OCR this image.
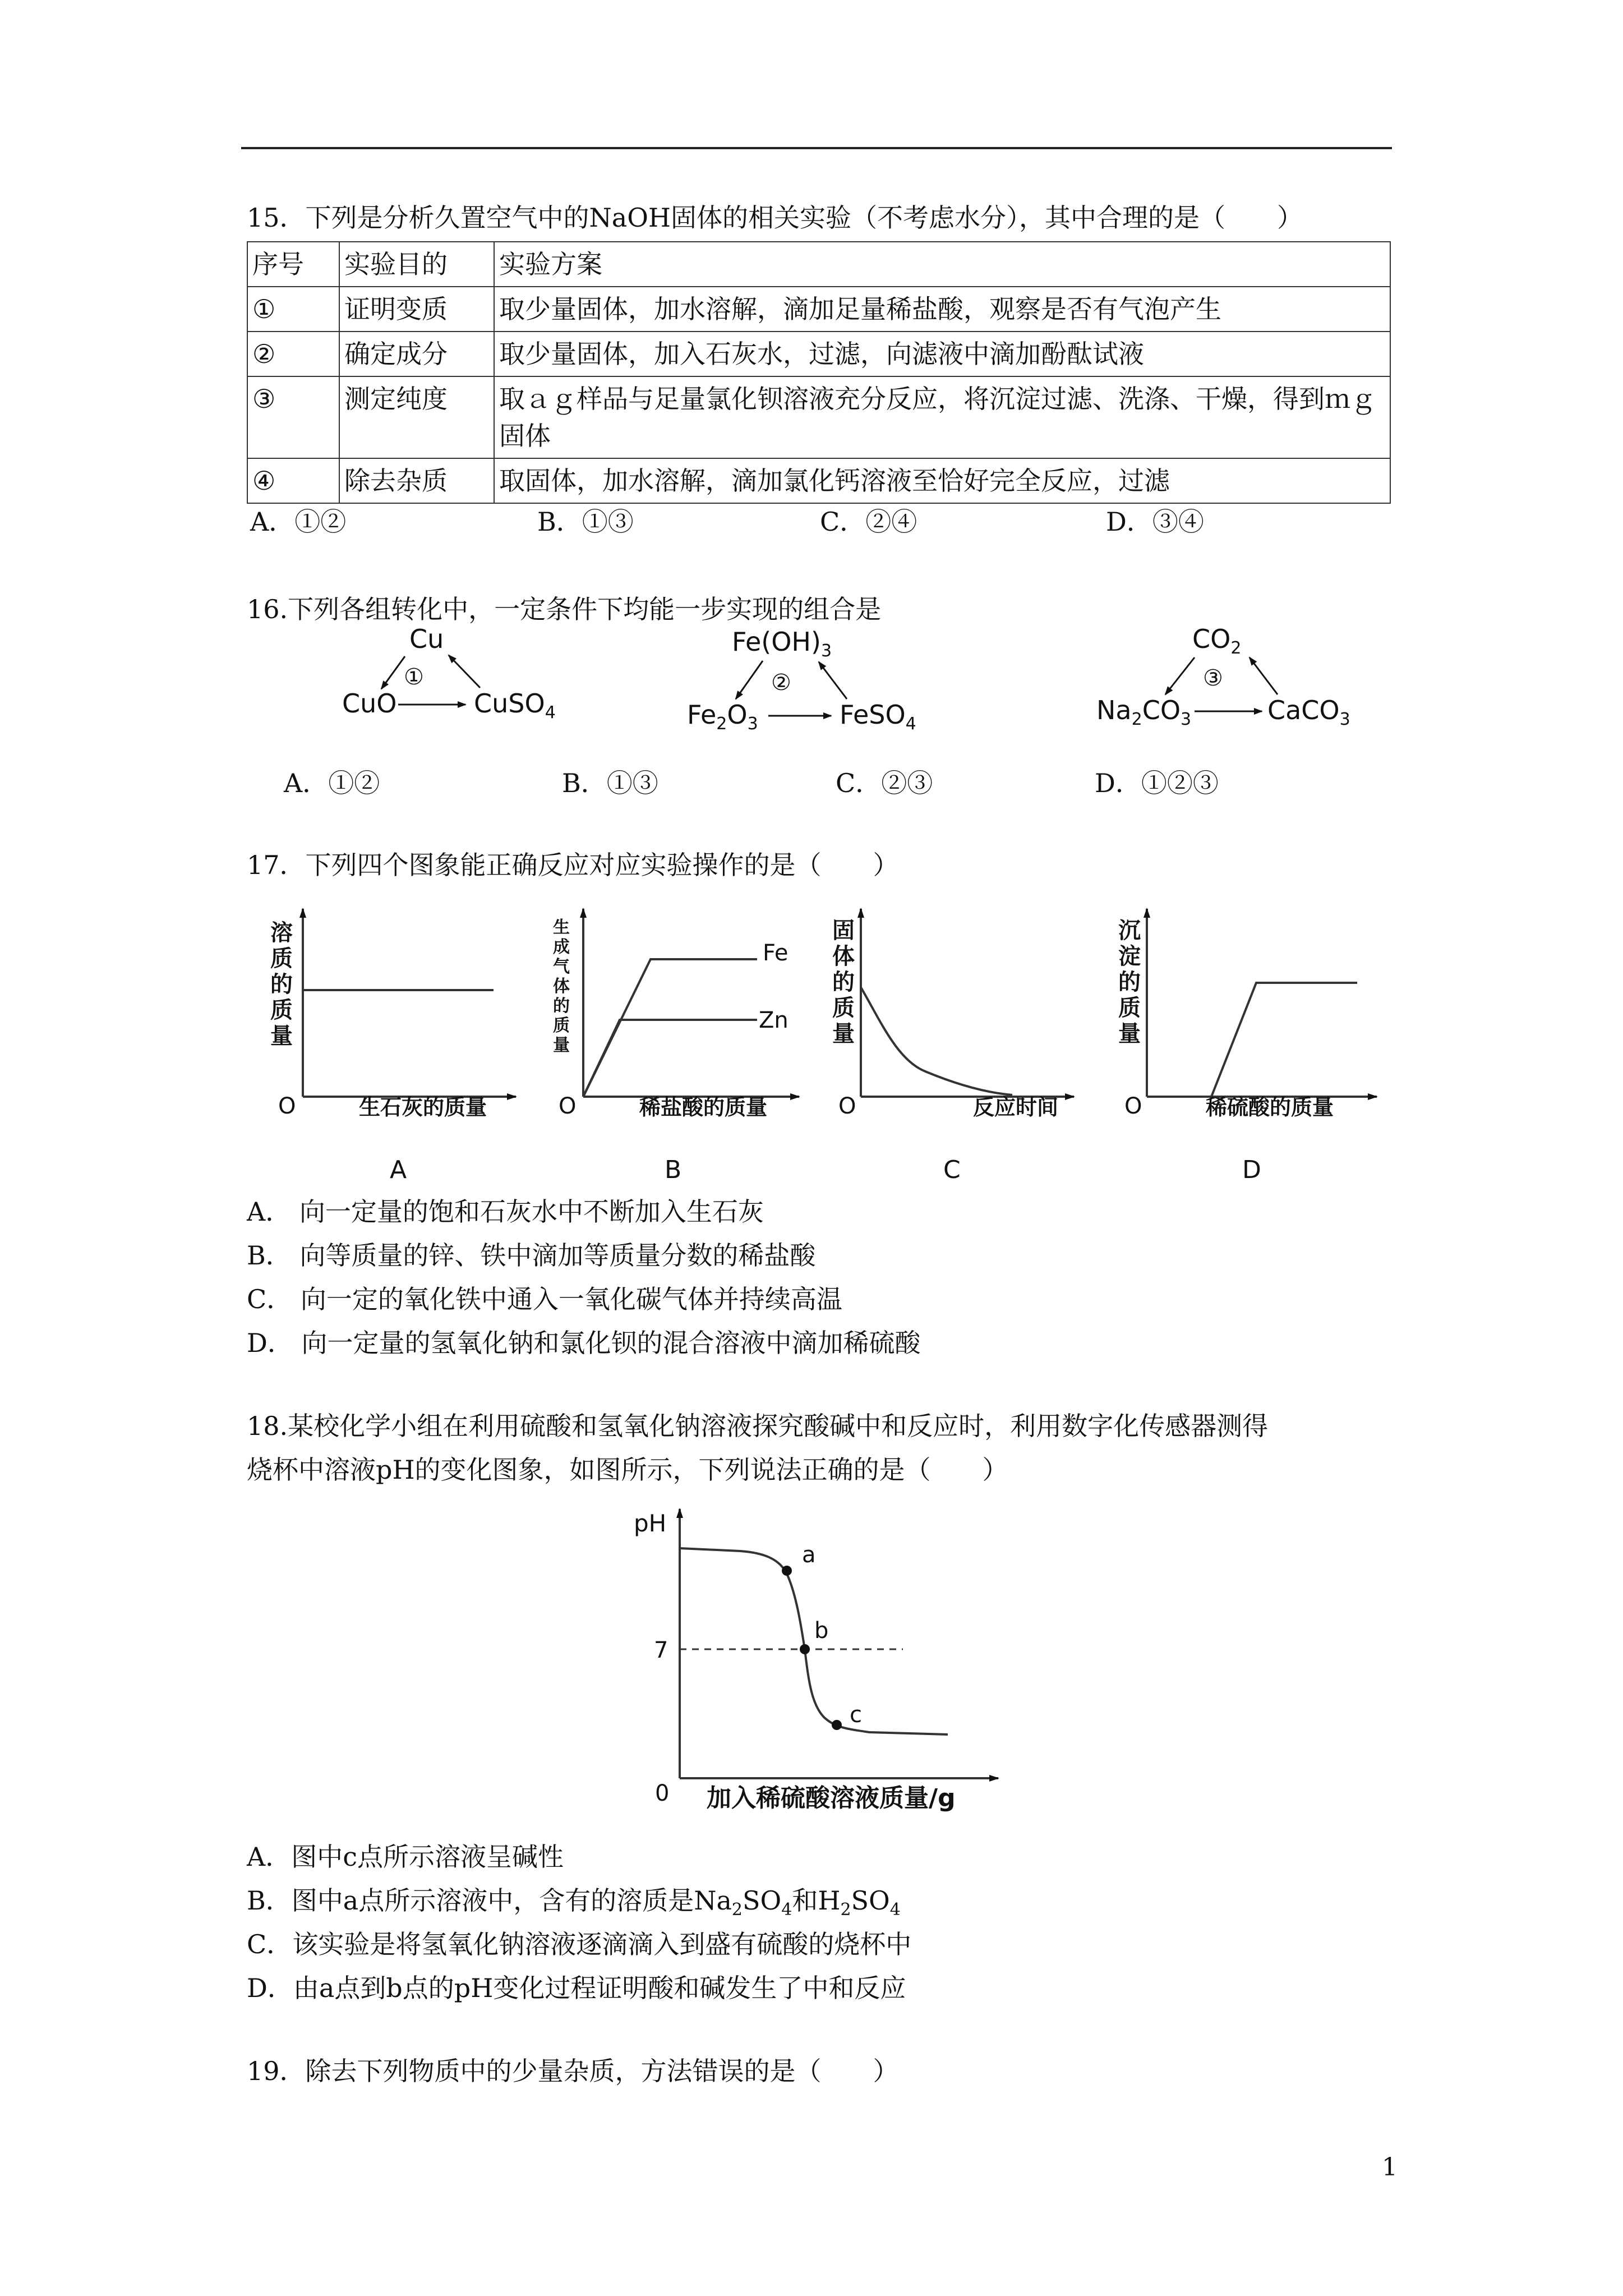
15．下列是分析久置空气中的NaOH固体的相关实验（不考虑水分），其中合理的是（　　）
序号	实验目的	实验方案
①	证明变质	取少量固体，加水溶解，滴加足量稀盐酸，观察是否有气泡产生
②	确定成分	取少量固体，加入石灰水，过滤，向滤液中滴加酚酞试液
③	测定纯度	取ａｇ样品与足量氯化钡溶液充分反应，将沉淀过滤、洗涤、干燥，得到ｍｇ固体
④	除去杂质	取固体，加水溶解，滴加氯化钙溶液至恰好完全反应，过滤
A．①②	B．①③	C．②④	D．③④
16.下列各组转化中，一定条件下均能一步实现的组合是
Cu
①
CuO	CuSO$_4$
$Fe(OH)_3$
②
$Fe_2O_3$	FeSO$_4$
$CO_2$
③
$Na_2CO_3$	CaCO$_3$
A．①②	B．①③	C．②③	D．①②③
17．下列四个图象能正确反应对应实验操作的是（　　）
O	生石灰的质量
A
Fe
Zn
O	稀盐酸的质量
B
O	反应时间
C
O	稀硫酸的质量
D
溶质的质量
生成气体的质量
固体的质量
沉淀的质量
A． 向一定量的饱和石灰水中不断加入生石灰
B． 向等质量的锌、铁中滴加等质量分数的稀盐酸
C． 向一定的氧化铁中通入一氧化碳气体并持续高温
D． 向一定量的氢氧化钠和氯化钡的混合溶液中滴加稀硫酸
18.某校化学小组在利用硫酸和氢氧化钠溶液探究酸碱中和反应时，利用数字化传感器测得
烧杯中溶液pH的变化图象，如图所示，下列说法正确的是（　　）
a
b
c
pH
7
0 加入稀硫酸溶液质量/g
A．图中c点所示溶液呈碱性
B．图中a点所示溶液中，含有的溶质是$Na_2SO_4$和$H_2SO_4$
C．该实验是将氢氧化钠溶液逐滴滴入到盛有硫酸的烧杯中
D．由a点到b点的pH变化过程证明酸和碱发生了中和反应
19．除去下列物质中的少量杂质，方法错误的是（　　）
1
